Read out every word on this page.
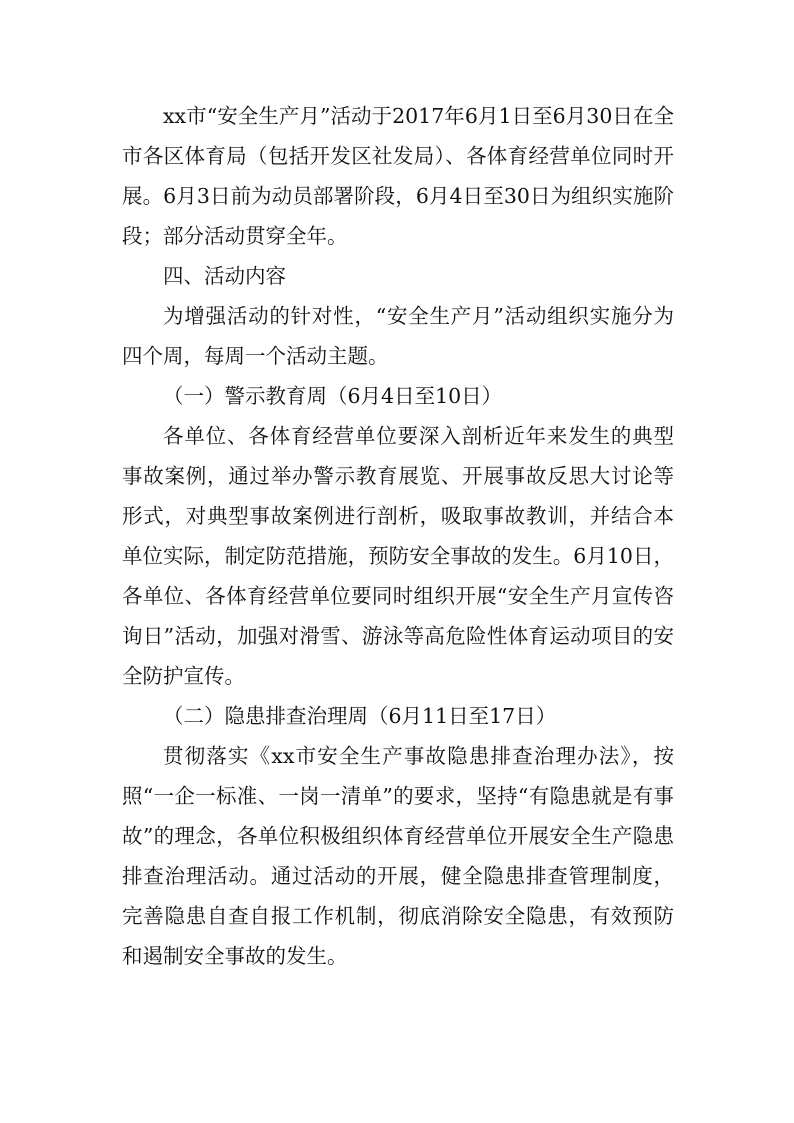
xx市“安全生产月”活动于2017年6月1日至6月30日在全市各区体育局（包括开发区社发局）、各体育经营单位同时开展。6月3日前为动员部署阶段，6月4日至30日为组织实施阶段；部分活动贯穿全年。

四、活动内容

为增强活动的针对性，“安全生产月”活动组织实施分为四个周，每周一个活动主题。

（一）警示教育周（6月4日至10日）

各单位、各体育经营单位要深入剖析近年来发生的典型事故案例，通过举办警示教育展览、开展事故反思大讨论等形式，对典型事故案例进行剖析，吸取事故教训，并结合本单位实际，制定防范措施，预防安全事故的发生。6月10日，各单位、各体育经营单位要同时组织开展“安全生产月宣传咨询日”活动，加强对滑雪、游泳等高危险性体育运动项目的安全防护宣传。

（二）隐患排查治理周（6月11日至17日）

贯彻落实《xx市安全生产事故隐患排查治理办法》，按照“一企一标准、一岗一清单”的要求，坚持“有隐患就是有事故”的理念，各单位积极组织体育经营单位开展安全生产隐患排查治理活动。通过活动的开展，健全隐患排查管理制度，完善隐患自查自报工作机制，彻底消除安全隐患，有效预防和遏制安全事故的发生。
